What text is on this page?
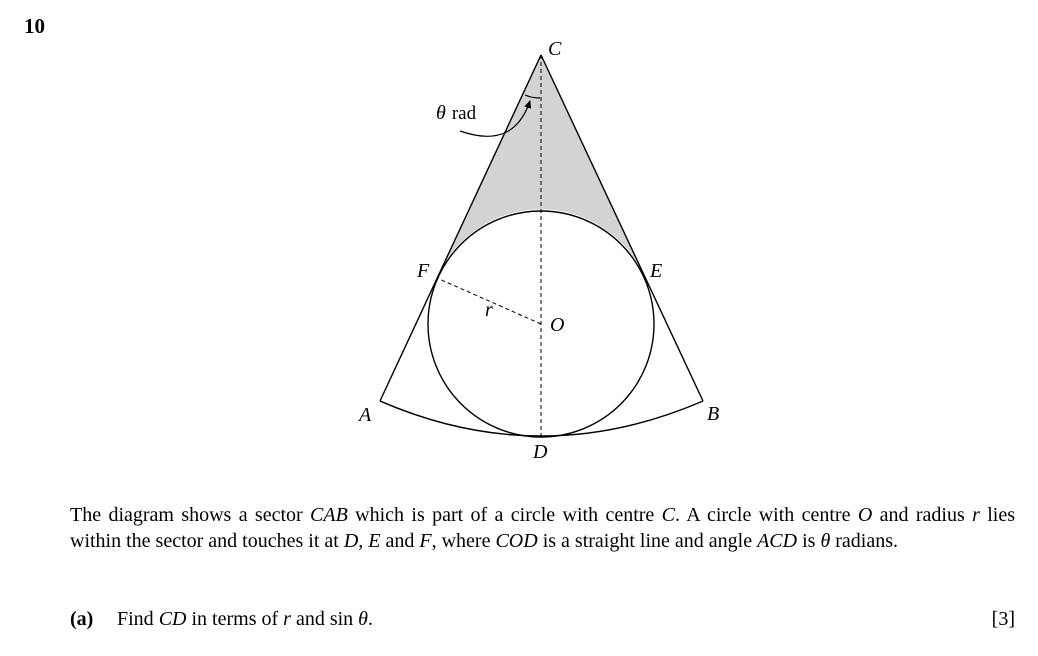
10
C
A	B
D
E
F
O
r
θ rad
The diagram shows a sector CAB which is part of a circle with centre C. A circle with centre O and radius r lies within the sector and touches it at D, E and F, where COD is a straight line and angle ACD is θ radians.
(a) Find CD in terms of r and sin θ.	[3]
